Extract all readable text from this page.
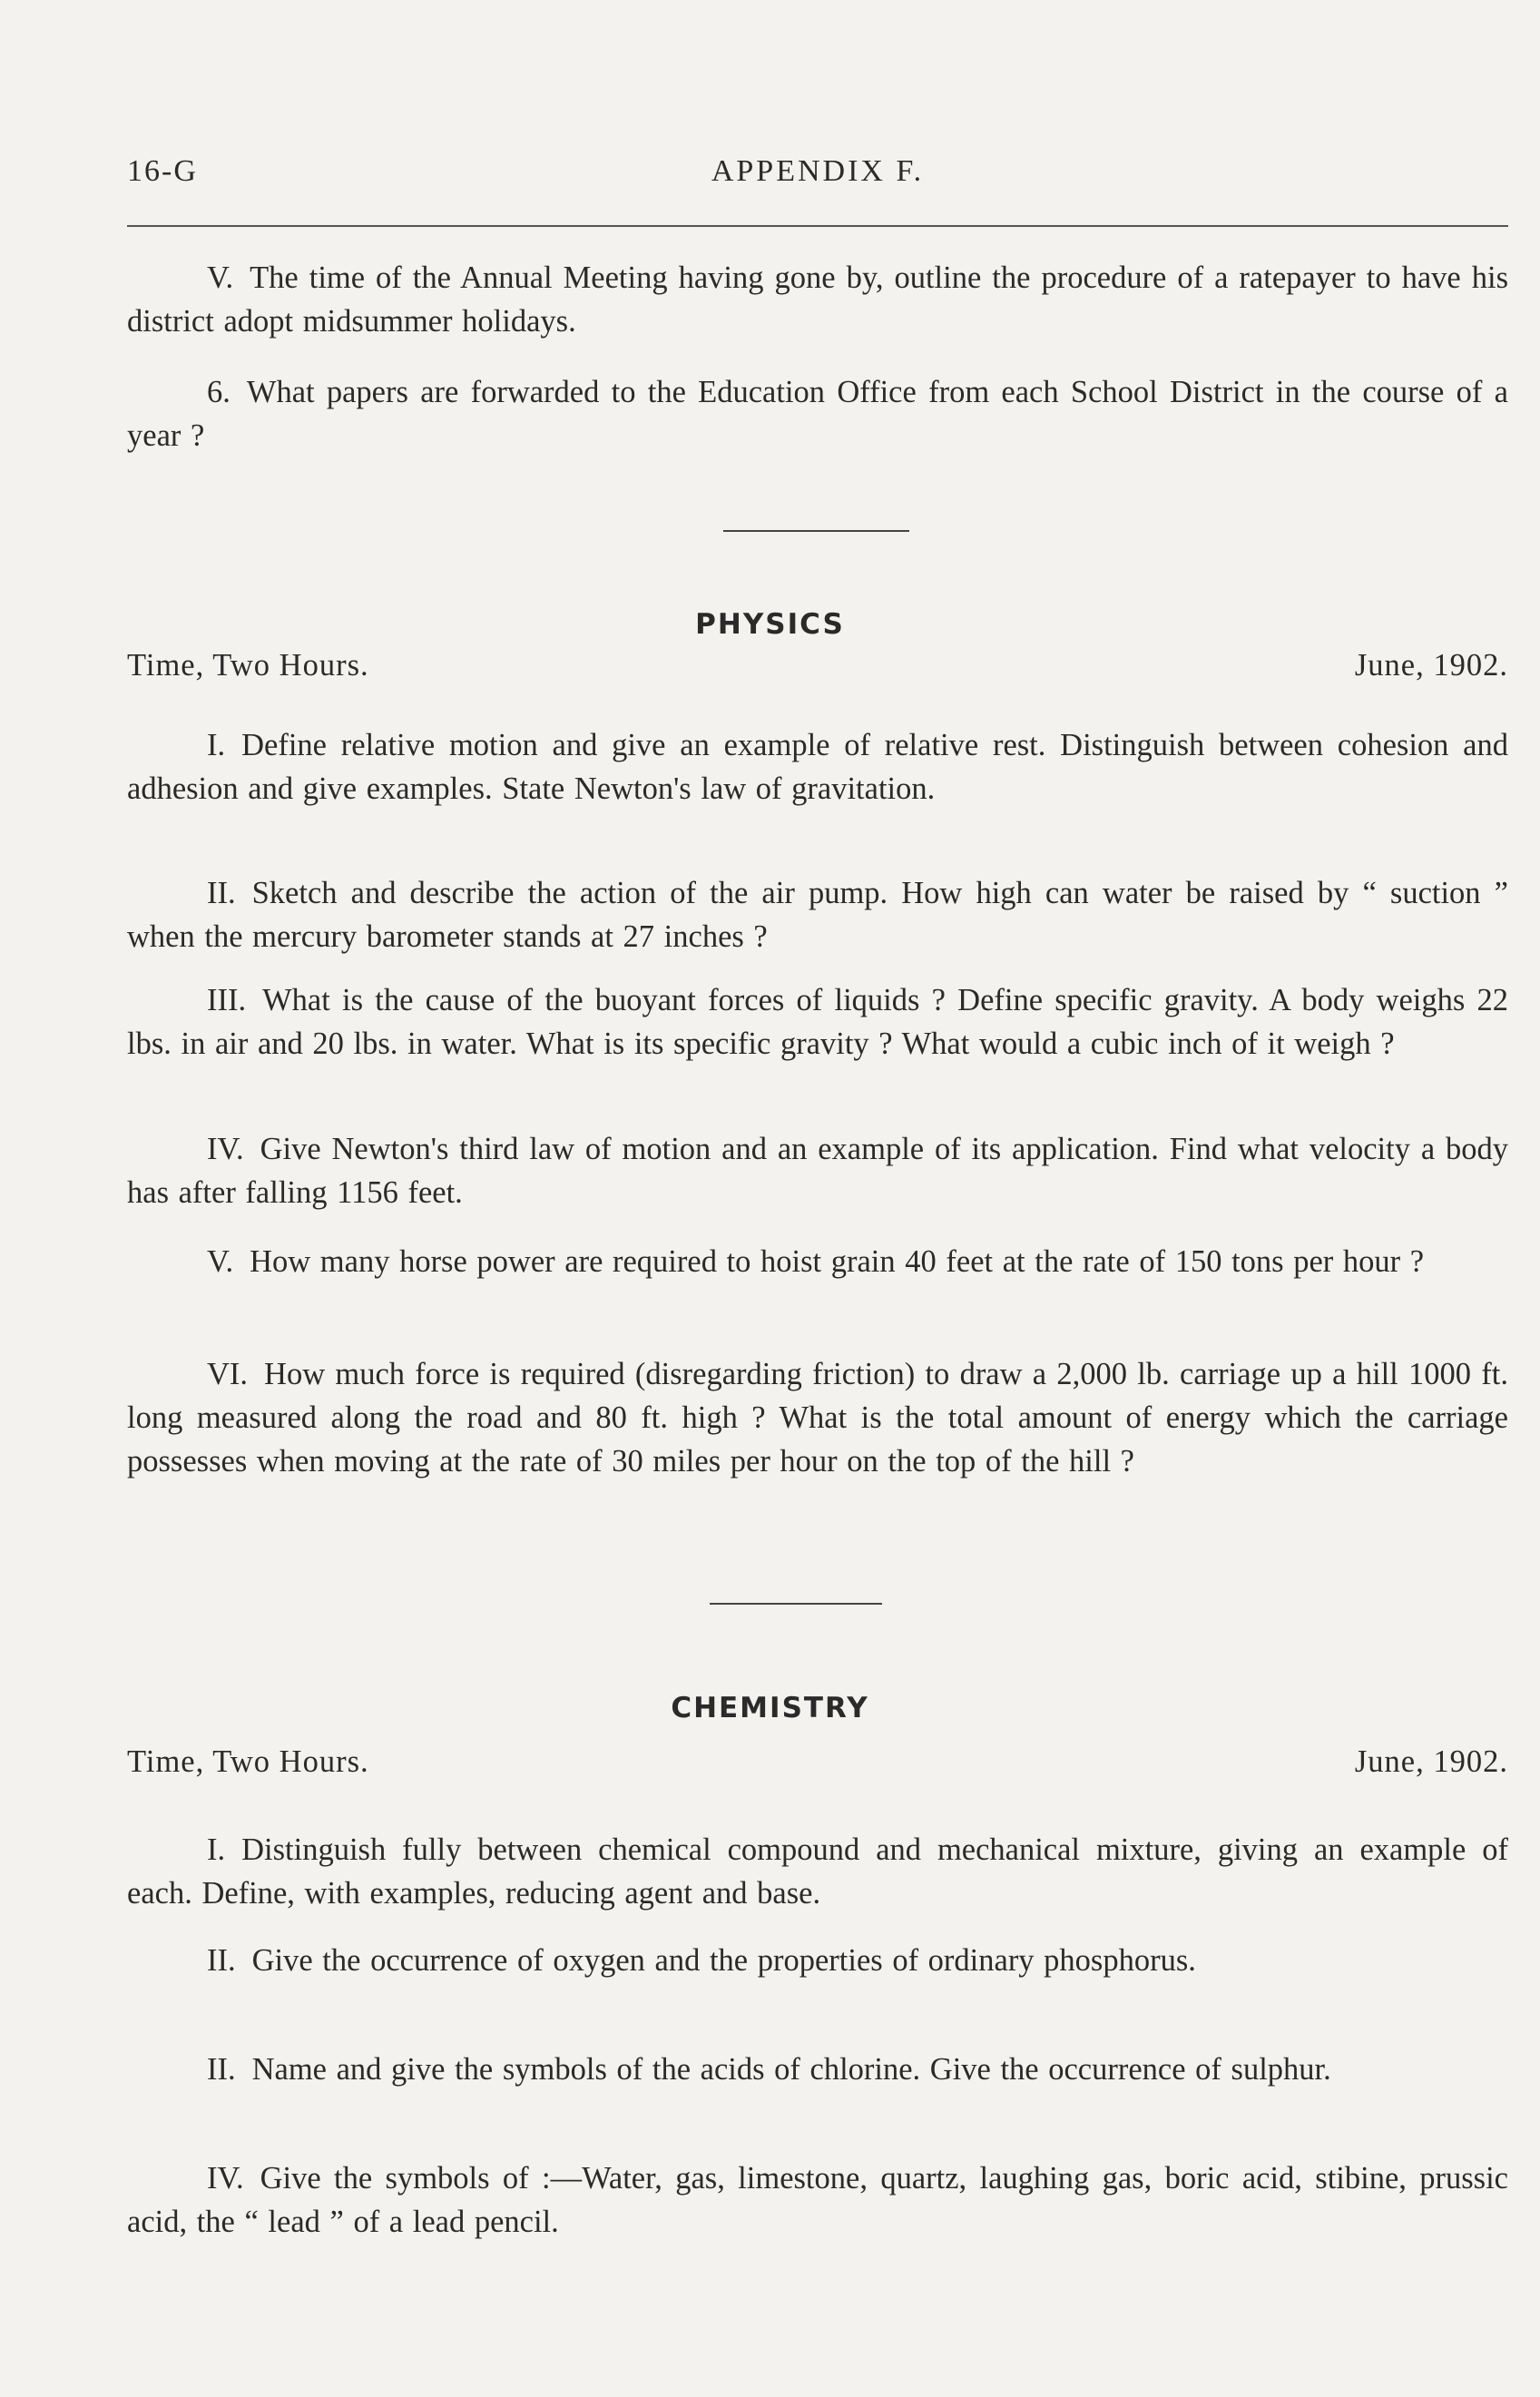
16-G	APPENDIX F.

V. The time of the Annual Meeting having gone by, outline the procedure of a ratepayer to have his district adopt midsummer holidays.

6. What papers are forwarded to the Education Office from each School District in the course of a year ?

PHYSICS
Time, Two Hours.	June, 1902.

I. Define relative motion and give an example of relative rest. Distinguish between cohesion and adhesion and give examples. State Newton's law of gravitation.

II. Sketch and describe the action of the air pump. How high can water be raised by “ suction ” when the mercury barometer stands at 27 inches ?

III. What is the cause of the buoyant forces of liquids ? Define specific gravity. A body weighs 22 lbs. in air and 20 lbs. in water. What is its specific gravity ? What would a cubic inch of it weigh ?

IV. Give Newton's third law of motion and an example of its application. Find what velocity a body has after falling 1156 feet.

V. How many horse power are required to hoist grain 40 feet at the rate of 150 tons per hour ?

VI. How much force is required (disregarding friction) to draw a 2,000 lb. carriage up a hill 1000 ft. long measured along the road and 80 ft. high ? What is the total amount of energy which the carriage possesses when moving at the rate of 30 miles per hour on the top of the hill ?

CHEMISTRY
Time, Two Hours.	June, 1902.

I. Distinguish fully between chemical compound and mechanical mixture, giving an example of each. Define, with examples, reducing agent and base.

II. Give the occurrence of oxygen and the properties of ordinary phosphorus.

II. Name and give the symbols of the acids of chlorine. Give the occurrence of sulphur.

IV. Give the symbols of :—Water, gas, limestone, quartz, laughing gas, boric acid, stibine, prussic acid, the “ lead ” of a lead pencil.
